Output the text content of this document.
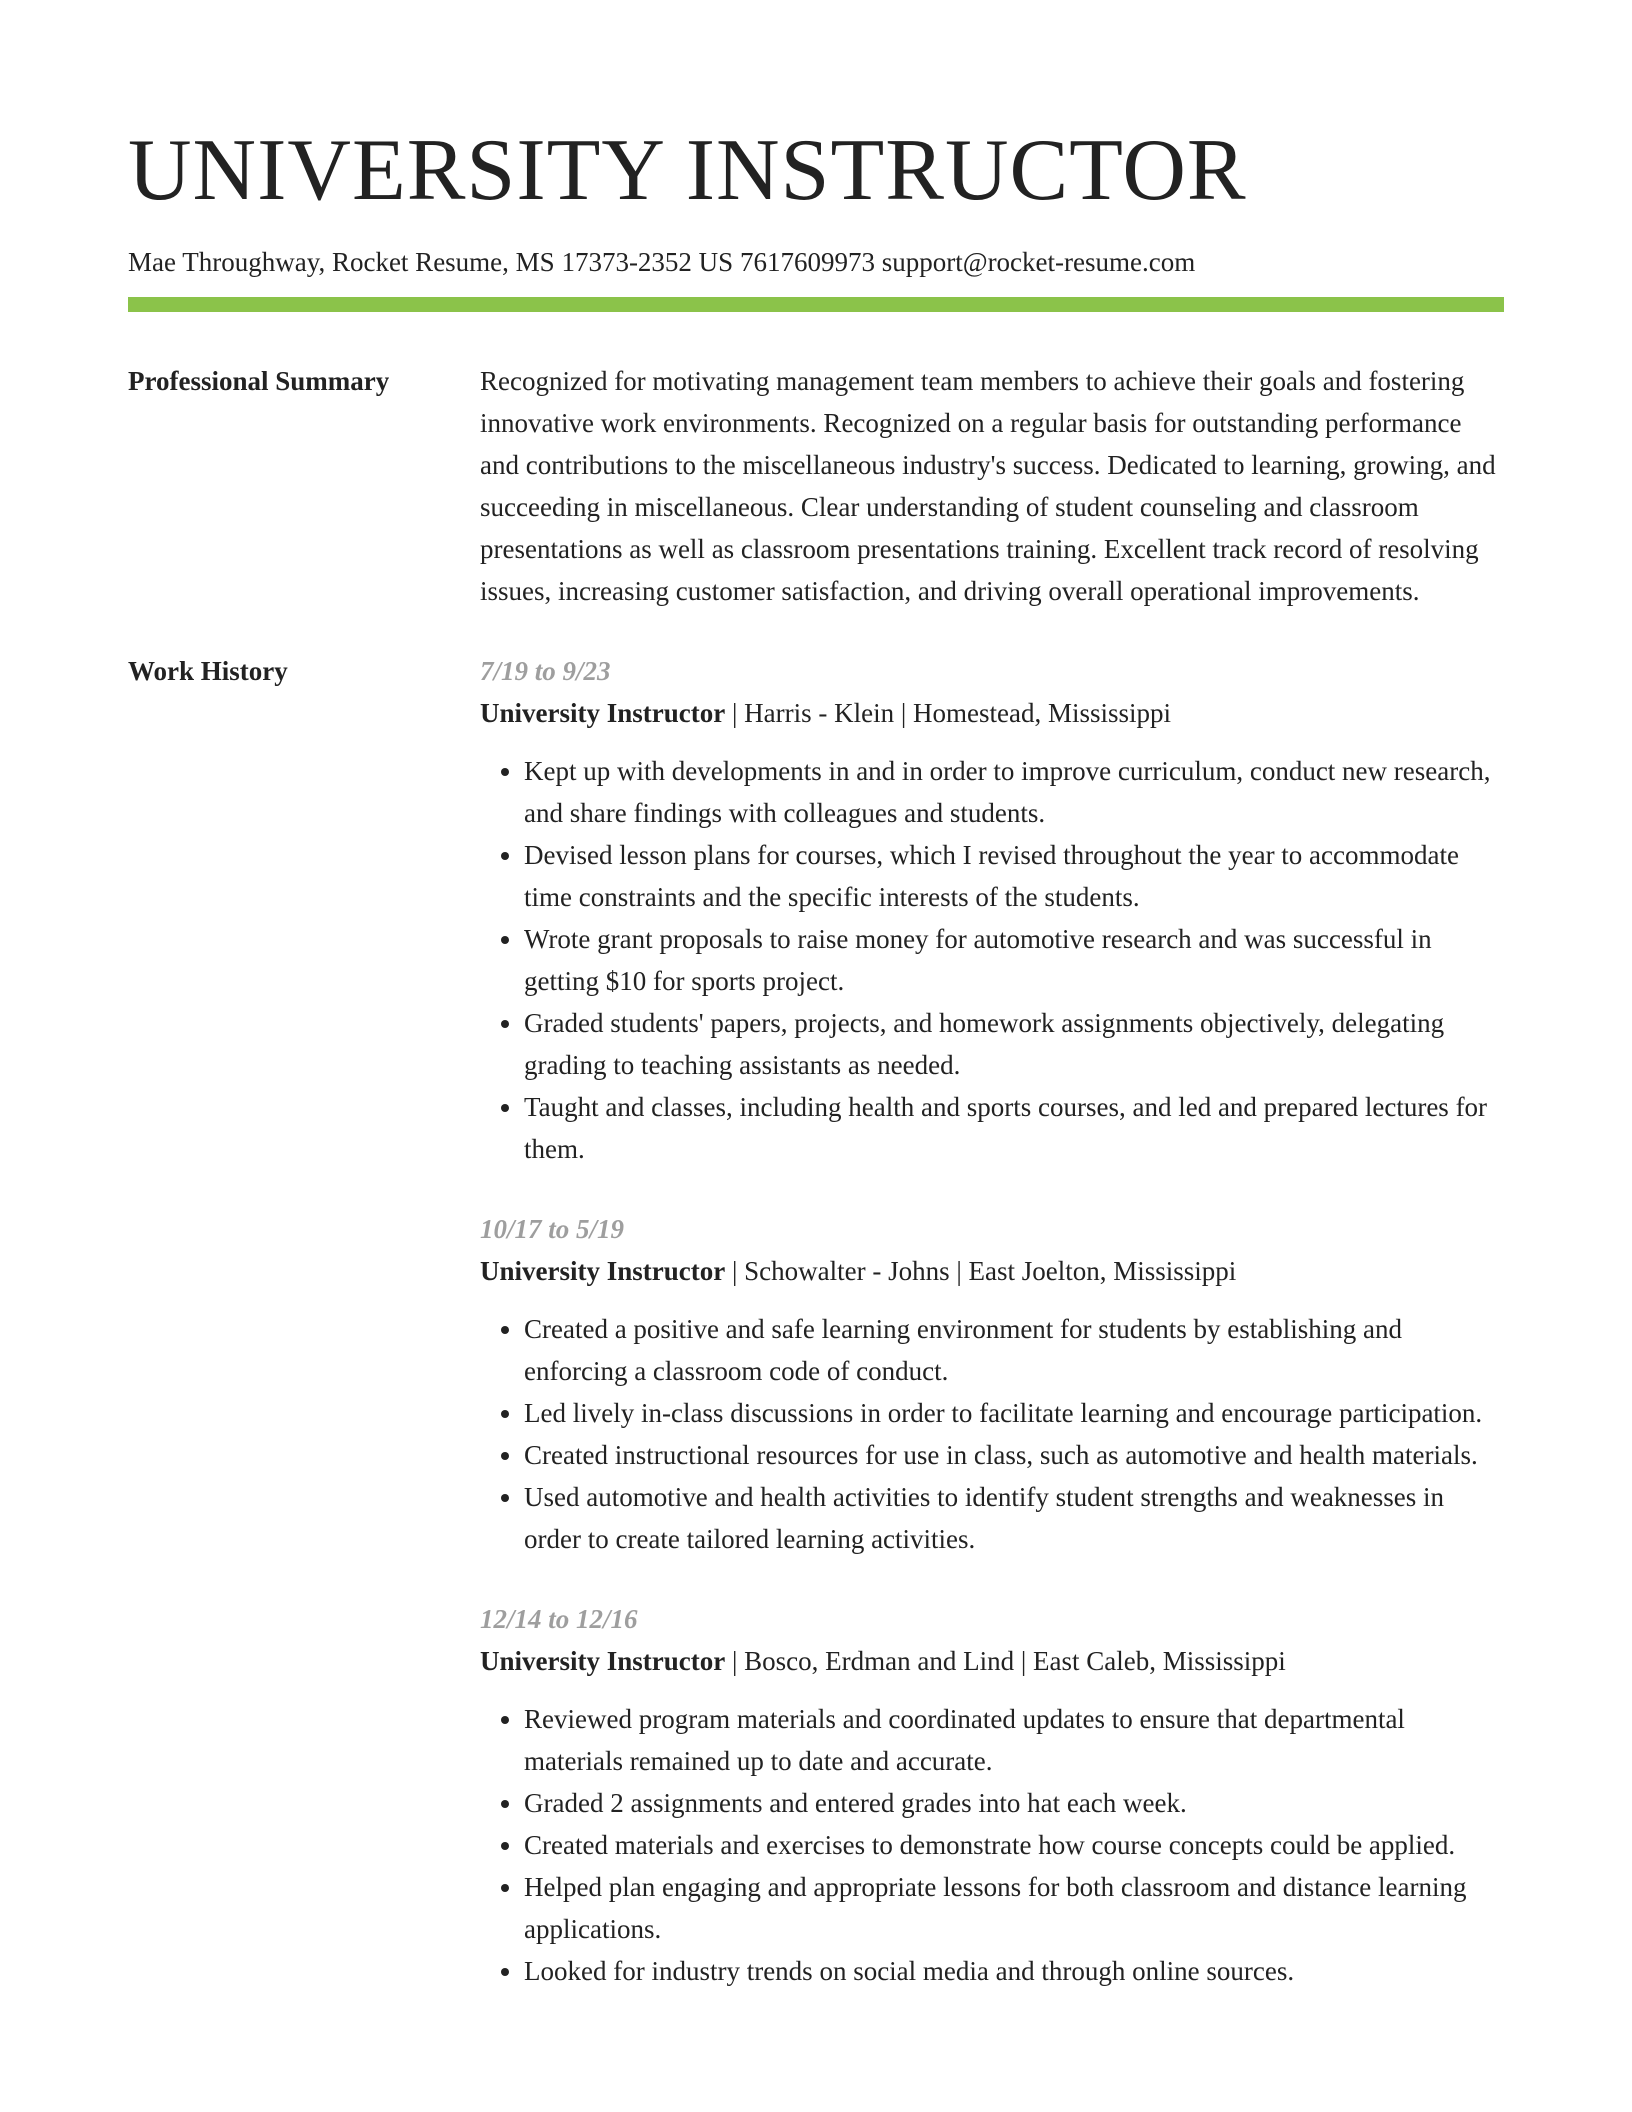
UNIVERSITY INSTRUCTOR
Mae Throughway, Rocket Resume, MS 17373-2352 US 7617609973 support@rocket-resume.com
Professional Summary	Recognized for motivating management team members to achieve their goals and fostering innovative work environments. Recognized on a regular basis for outstanding performance and contributions to the miscellaneous industry's success. Dedicated to learning, growing, and succeeding in miscellaneous. Clear understanding of student counseling and classroom presentations as well as classroom presentations training. Excellent track record of resolving issues, increasing customer satisfaction, and driving overall operational improvements.

Work History	7/19 to 9/23
University Instructor | Harris - Klein | Homestead, Mississippi
• Kept up with developments in and in order to improve curriculum, conduct new research, and share findings with colleagues and students.
• Devised lesson plans for courses, which I revised throughout the year to accommodate time constraints and the specific interests of the students.
• Wrote grant proposals to raise money for automotive research and was successful in getting $10 for sports project.
• Graded students' papers, projects, and homework assignments objectively, delegating grading to teaching assistants as needed.
• Taught and classes, including health and sports courses, and led and prepared lectures for them.
10/17 to 5/19
University Instructor | Schowalter - Johns | East Joelton, Mississippi
• Created a positive and safe learning environment for students by establishing and enforcing a classroom code of conduct.
• Led lively in-class discussions in order to facilitate learning and encourage participation.
• Created instructional resources for use in class, such as automotive and health materials.
• Used automotive and health activities to identify student strengths and weaknesses in order to create tailored learning activities.
12/14 to 12/16
University Instructor | Bosco, Erdman and Lind | East Caleb, Mississippi
• Reviewed program materials and coordinated updates to ensure that departmental materials remained up to date and accurate.
• Graded 2 assignments and entered grades into hat each week.
• Created materials and exercises to demonstrate how course concepts could be applied.
• Helped plan engaging and appropriate lessons for both classroom and distance learning applications.
• Looked for industry trends on social media and through online sources.
